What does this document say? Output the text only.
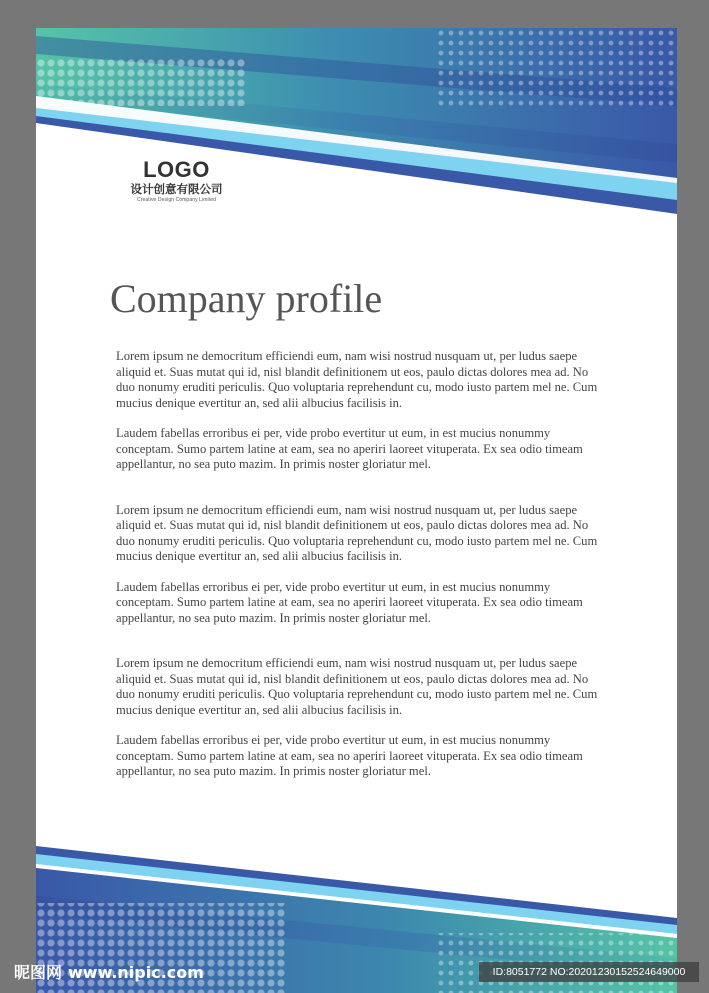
LOGO
设计创意有限公司
Creative Design Company Limited
Company profile

Lorem ipsum ne democritum efficiendi eum, nam wisi nostrud nusquam ut, per ludus saepe aliquid et. Suas mutat qui id, nisl blandit definitionem ut eos, paulo dictas dolores mea ad. No duo nonumy eruditi periculis. Quo voluptaria reprehendunt cu, modo iusto partem mel ne. Cum mucius denique evertitur an, sed alii albucius facilisis in.

Laudem fabellas erroribus ei per, vide probo evertitur ut eum, in est mucius nonummy conceptam. Sumo partem latine at eam, sea no aperiri laoreet vituperata. Ex sea odio timeam appellantur, no sea puto mazim. In primis noster gloriatur mel.

Lorem ipsum ne democritum efficiendi eum, nam wisi nostrud nusquam ut, per ludus saepe aliquid et. Suas mutat qui id, nisl blandit definitionem ut eos, paulo dictas dolores mea ad. No duo nonumy eruditi periculis. Quo voluptaria reprehendunt cu, modo iusto partem mel ne. Cum mucius denique evertitur an, sed alii albucius facilisis in.

Laudem fabellas erroribus ei per, vide probo evertitur ut eum, in est mucius nonummy conceptam. Sumo partem latine at eam, sea no aperiri laoreet vituperata. Ex sea odio timeam appellantur, no sea puto mazim. In primis noster gloriatur mel.

Lorem ipsum ne democritum efficiendi eum, nam wisi nostrud nusquam ut, per ludus saepe aliquid et. Suas mutat qui id, nisl blandit definitionem ut eos, paulo dictas dolores mea ad. No duo nonumy eruditi periculis. Quo voluptaria reprehendunt cu, modo iusto partem mel ne. Cum mucius denique evertitur an, sed alii albucius facilisis in.

Laudem fabellas erroribus ei per, vide probo evertitur ut eum, in est mucius nonummy conceptam. Sumo partem latine at eam, sea no aperiri laoreet vituperata. Ex sea odio timeam appellantur, no sea puto mazim. In primis noster gloriatur mel.

昵图网 www.nipic.com	ID:8051772 NO:20201230152524649000
